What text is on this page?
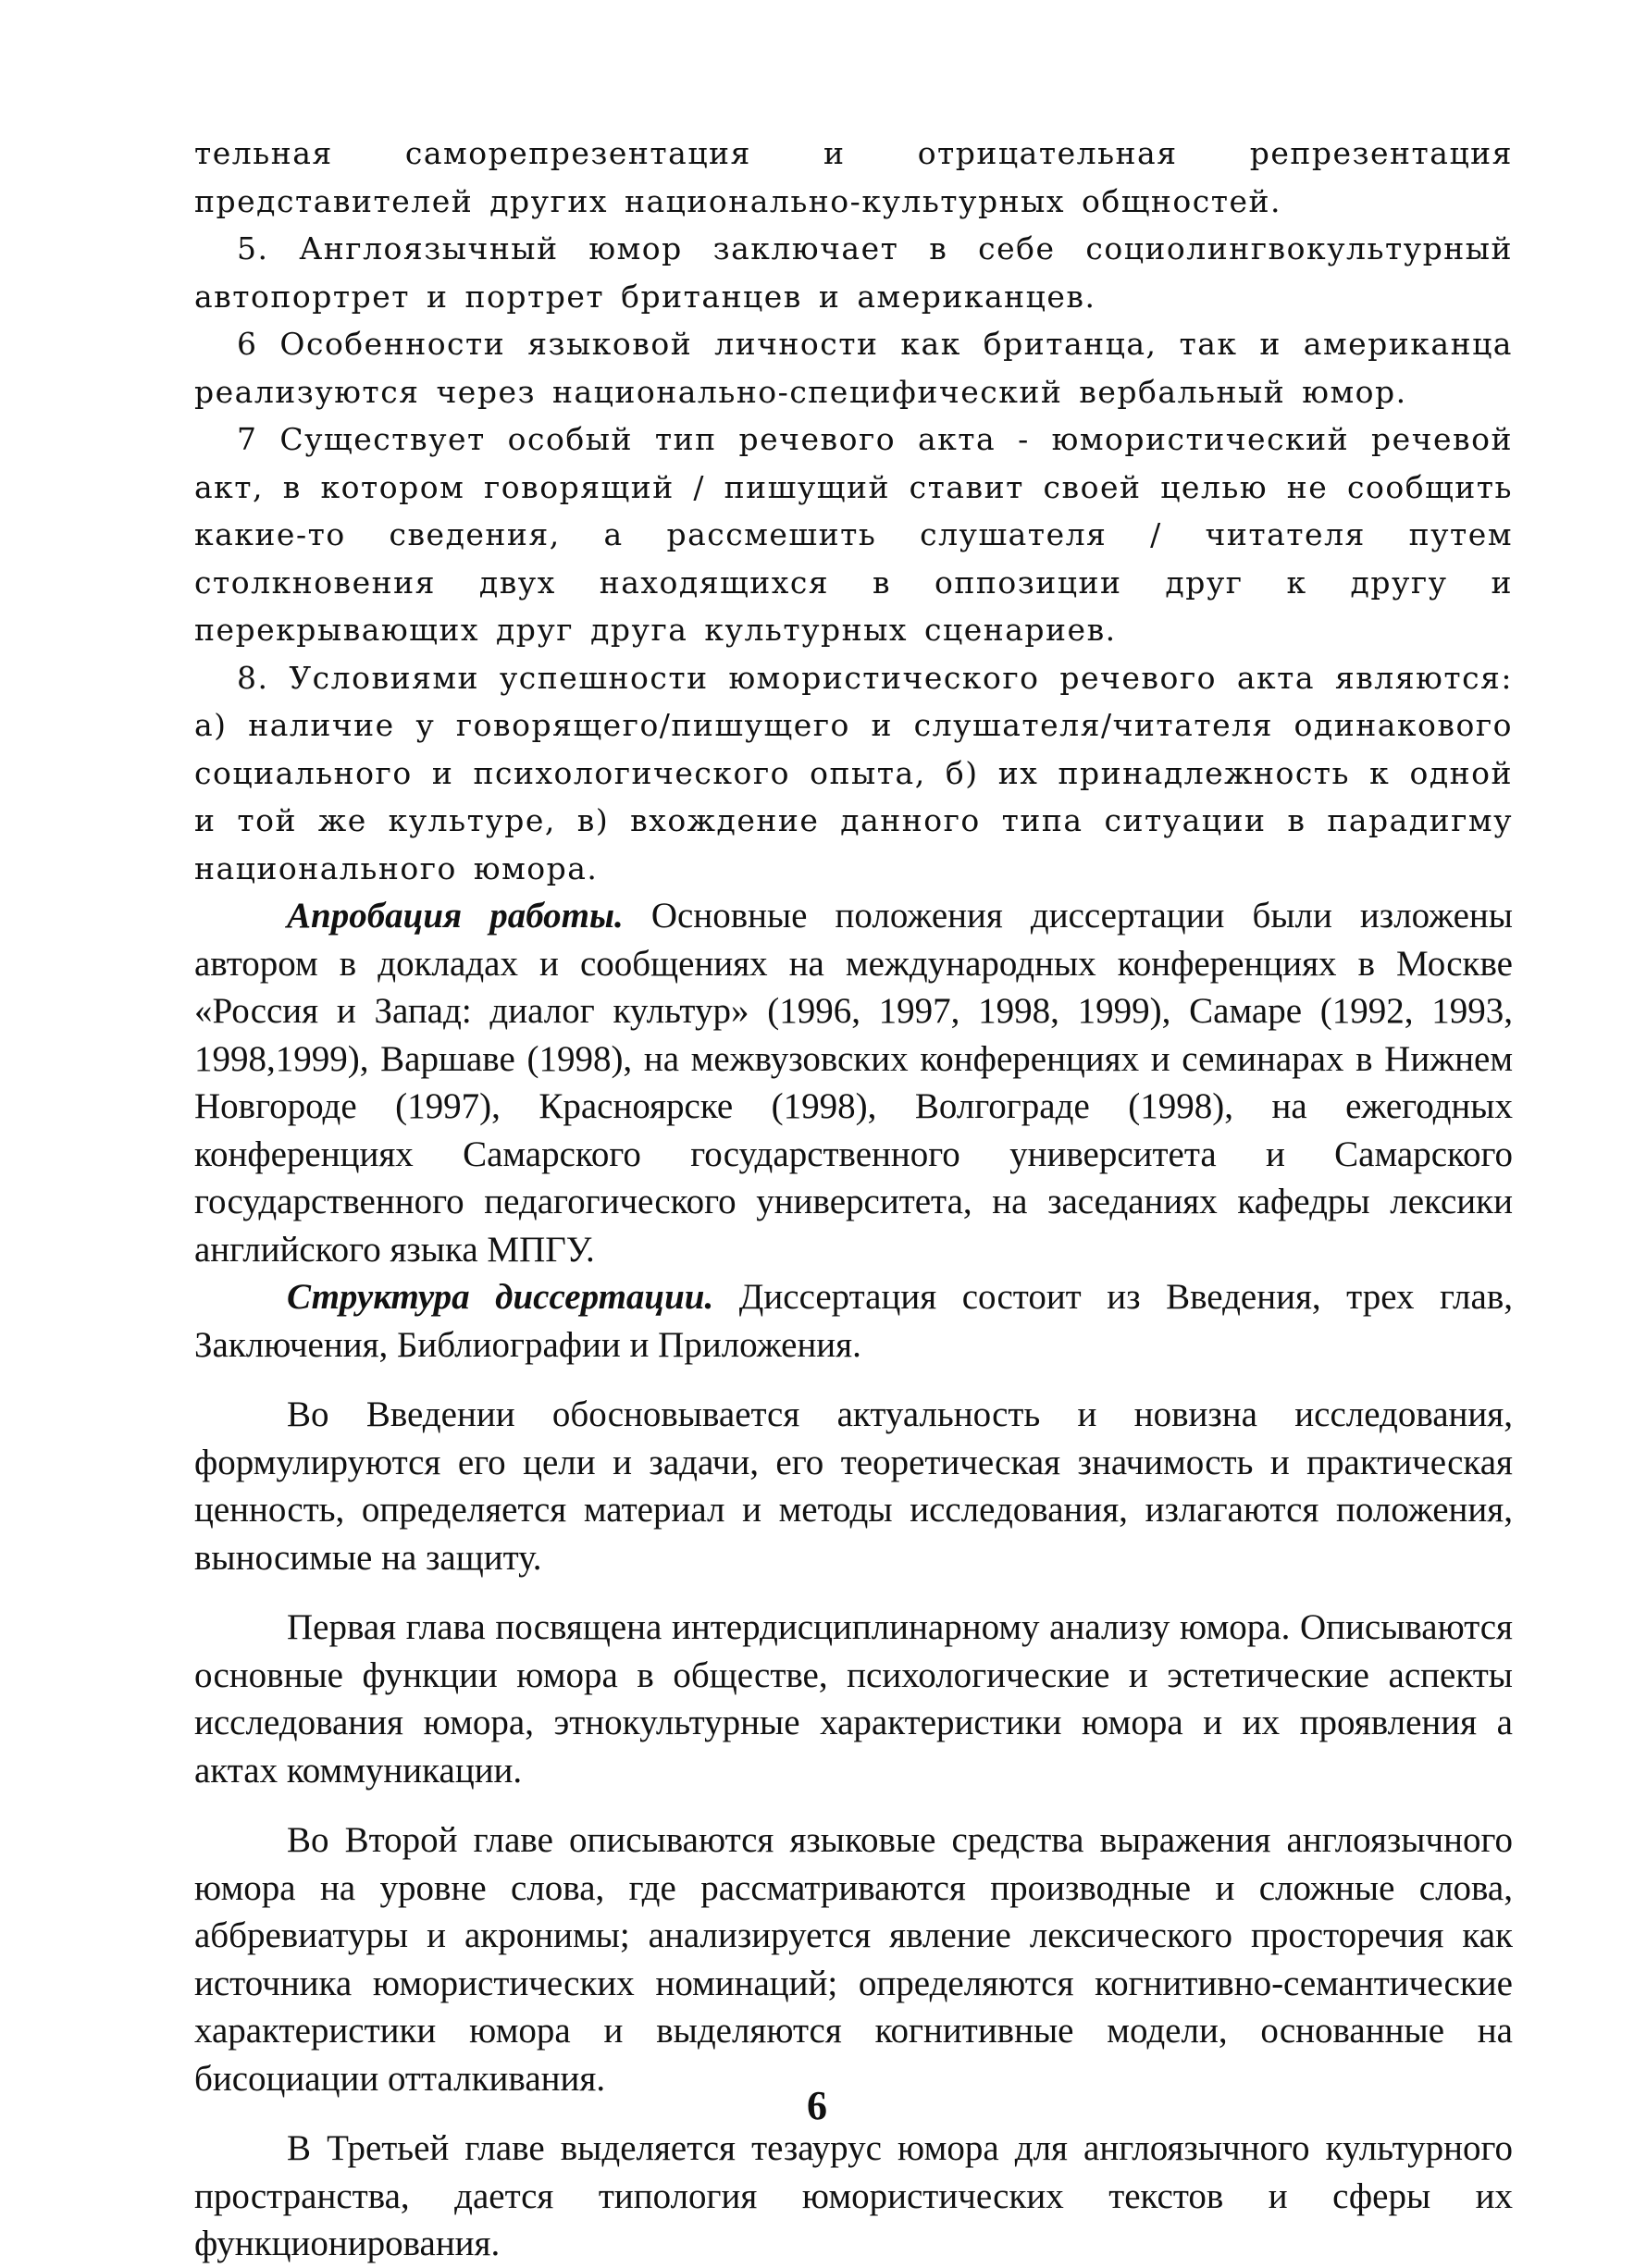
тельная саморепрезентация и отрицательная репрезентация представителей других национально-культурных общностей.

5. Англоязычный юмор заключает в себе социолингвокультурный автопортрет и портрет британцев и американцев.

6 Особенности языковой личности как британца, так и американца реализуются через национально-специфический вербальный юмор.

7 Существует особый тип речевого акта - юмористический речевой акт, в котором говорящий / пишущий ставит своей целью не сообщить какие-то сведения, а рассмешить слушателя / читателя путем столкновения двух находящихся в оппозиции друг к другу и перекрывающих друг друга культурных сценариев.

8. Условиями успешности юмористического речевого акта являются: а) наличие у говорящего/пишущего и слушателя/читателя одинакового социального и психологического опыта, б) их принадлежность к одной и той же культуре, в) вхождение данного типа ситуации в парадигму национального юмора.

Апробация работы. Основные положения диссертации были изложены автором в докладах и сообщениях на международных конференциях в Москве «Россия и Запад: диалог культур» (1996, 1997, 1998, 1999), Самаре (1992, 1993, 1998,1999), Варшаве (1998), на межвузовских конференциях и семинарах в Нижнем Новгороде (1997), Красноярске (1998), Волгограде (1998), на ежегодных конференциях Самарского государственного университета и Самарского государственного педагогического университета, на заседаниях кафедры лексики английского языка МПГУ.

Структура диссертации. Диссертация состоит из Введения, трех глав, Заключения, Библиографии и Приложения.

Во Введении обосновывается актуальность и новизна исследования, формулируются его цели и задачи, его теоретическая значимость и практическая ценность, определяется материал и методы исследования, излагаются положения, выносимые на защиту.

Первая глава посвящена интердисциплинарному анализу юмора. Описываются основные функции юмора в обществе, психологические и эстетические аспекты исследования юмора, этнокультурные характеристики юмора и их проявления а актах коммуникации.

Во Второй главе описываются языковые средства выражения англоязычного юмора на уровне слова, где рассматриваются производные и сложные слова, аббревиатуры и акронимы; анализируется явление лексического просторечия как источника юмористических номинаций; определяются когнитивно-семантические характеристики юмора и выделяются когнитивные модели, основанные на бисоциации отталкивания.

В Третьей главе выделяется тезаурус юмора для англоязычного культурного пространства, дается типология юмористических текстов и сферы их функционирования.

6
